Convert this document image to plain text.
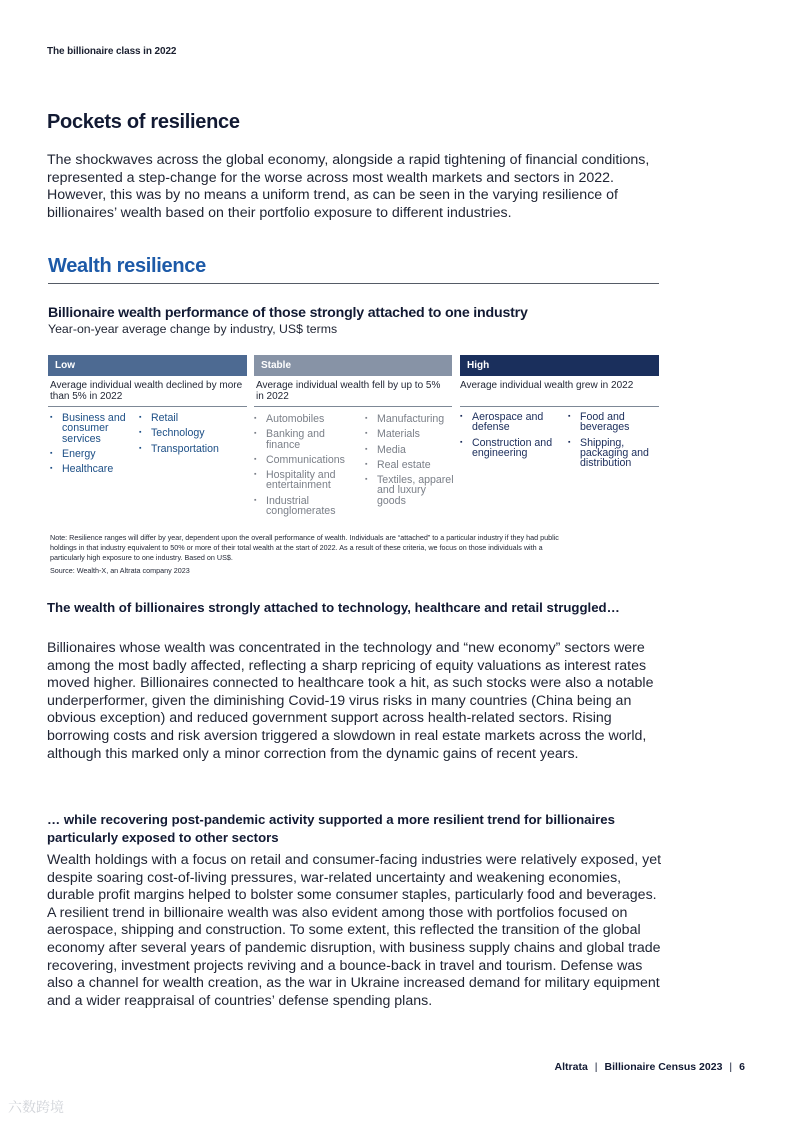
The billionaire class in 2022
Pockets of resilience
The shockwaves across the global economy, alongside a rapid tightening of financial conditions, represented a step-change for the worse across most wealth markets and sectors in 2022. However, this was by no means a uniform trend, as can be seen in the varying resilience of billionaires’ wealth based on their portfolio exposure to different industries.
Wealth resilience
Billionaire wealth performance of those strongly attached to one industry
Year-on-year average change by industry, US$ terms
Low
Average individual wealth declined by more than 5% in 2022
▪ Business and consumer services
▪ Energy
▪ Healthcare
▪ Retail
▪ Technology
▪ Transportation
Stable
Average individual wealth fell by up to 5% in 2022
▪ Automobiles
▪ Banking and finance
▪ Communications
▪ Hospitality and entertainment
▪ Industrial conglomerates
▪ Manufacturing
▪ Materials
▪ Media
▪ Real estate
▪ Textiles, apparel and luxury goods
High
Average individual wealth grew in 2022
▪ Aerospace and defense
▪ Construction and engineering
▪ Food and beverages
▪ Shipping, packaging and distribution
Note: Resilience ranges will differ by year, dependent upon the overall performance of wealth. Individuals are “attached” to a particular industry if they had public holdings in that industry equivalent to 50% or more of their total wealth at the start of 2022. As a result of these criteria, we focus on those individuals with a particularly high exposure to one industry. Based on US$.
Source: Wealth-X, an Altrata company 2023
The wealth of billionaires strongly attached to technology, healthcare and retail struggled…
Billionaires whose wealth was concentrated in the technology and “new economy” sectors were among the most badly affected, reflecting a sharp repricing of equity valuations as interest rates moved higher. Billionaires connected to healthcare took a hit, as such stocks were also a notable underperformer, given the diminishing Covid-19 virus risks in many countries (China being an obvious exception) and reduced government support across health-related sectors. Rising borrowing costs and risk aversion triggered a slowdown in real estate markets across the world, although this marked only a minor correction from the dynamic gains of recent years.
… while recovering post-pandemic activity supported a more resilient trend for billionaires particularly exposed to other sectors
Wealth holdings with a focus on retail and consumer-facing industries were relatively exposed, yet despite soaring cost-of-living pressures, war-related uncertainty and weakening economies, durable profit margins helped to bolster some consumer staples, particularly food and beverages. A resilient trend in billionaire wealth was also evident among those with portfolios focused on aerospace, shipping and construction. To some extent, this reflected the transition of the global economy after several years of pandemic disruption, with business supply chains and global trade recovering, investment projects reviving and a bounce-back in travel and tourism. Defense was also a channel for wealth creation, as the war in Ukraine increased demand for military equipment and a wider reappraisal of countries’ defense spending plans.
Altrata | Billionaire Census 2023 | 6
六数跨境
